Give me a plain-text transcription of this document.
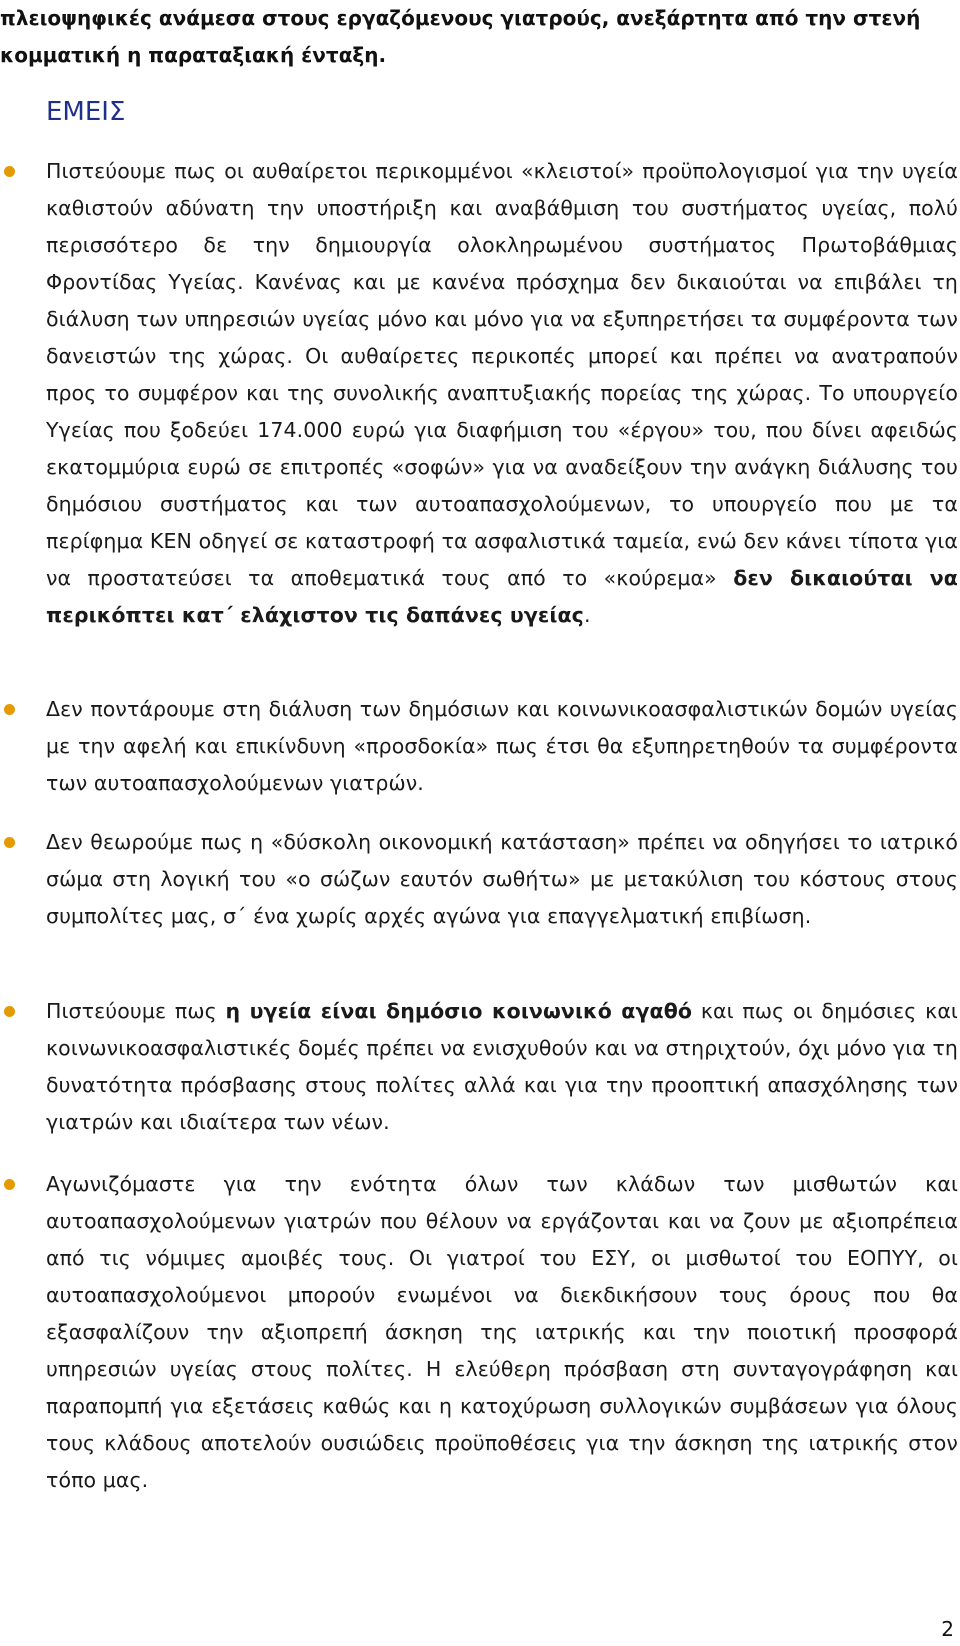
πλειοψηφικές ανάμεσα στους εργαζόμενους γιατρούς, ανεξάρτητα από την στενή κομματική η παραταξιακή ένταξη.

ΕΜΕΙΣ

Πιστεύουμε πως οι αυθαίρετοι περικομμένοι «κλειστοί» προϋπολογισμοί για την υγεία καθιστούν αδύνατη την υποστήριξη και αναβάθμιση του συστήματος υγείας, πολύ περισσότερο δε την δημιουργία ολοκληρωμένου συστήματος Πρωτοβάθμιας Φροντίδας Υγείας. Κανένας και με κανένα πρόσχημα δεν δικαιούται να επιβάλει τη διάλυση των υπηρεσιών υγείας μόνο και μόνο για να εξυπηρετήσει τα συμφέροντα των δανειστών της χώρας. Οι αυθαίρετες περικοπές μπορεί και πρέπει να ανατραπούν προς το συμφέρον και της συνολικής αναπτυξιακής πορείας της χώρας. Το υπουργείο Υγείας που ξοδεύει 174.000 ευρώ για διαφήμιση του «έργου» του, που δίνει αφειδώς εκατομμύρια ευρώ σε επιτροπές «σοφών» για να αναδείξουν την ανάγκη διάλυσης του δημόσιου συστήματος και των αυτοαπασχολούμενων, το υπουργείο που με τα περίφημα ΚΕΝ οδηγεί σε καταστροφή τα ασφαλιστικά ταμεία, ενώ δεν κάνει τίποτα για να προστατεύσει τα αποθεματικά τους από το «κούρεμα» δεν δικαιούται να περικόπτει κατ΄ ελάχιστον τις δαπάνες υγείας.

Δεν ποντάρουμε στη διάλυση των δημόσιων και κοινωνικοασφαλιστικών δομών υγείας με την αφελή και επικίνδυνη «προσδοκία» πως έτσι θα εξυπηρετηθούν τα συμφέροντα των αυτοαπασχολούμενων γιατρών.

Δεν θεωρούμε πως η «δύσκολη οικονομική κατάσταση» πρέπει να οδηγήσει το ιατρικό σώμα στη λογική του «ο σώζων εαυτόν σωθήτω» με μετακύλιση του κόστους στους συμπολίτες μας, σ΄ ένα χωρίς αρχές αγώνα για επαγγελματική επιβίωση.

Πιστεύουμε πως η υγεία είναι δημόσιο κοινωνικό αγαθό και πως οι δημόσιες και κοινωνικοασφαλιστικές δομές πρέπει να ενισχυθούν και να στηριχτούν, όχι μόνο για τη δυνατότητα πρόσβασης στους πολίτες αλλά και για την προοπτική απασχόλησης των γιατρών και ιδιαίτερα των νέων.

Αγωνιζόμαστε για την ενότητα όλων των κλάδων των μισθωτών και αυτοαπασχολούμενων γιατρών που θέλουν να εργάζονται και να ζουν με αξιοπρέπεια από τις νόμιμες αμοιβές τους. Οι γιατροί του ΕΣΥ, οι μισθωτοί του ΕΟΠΥΥ, οι αυτοαπασχολούμενοι μπορούν ενωμένοι να διεκδικήσουν τους όρους που θα εξασφαλίζουν την αξιοπρεπή άσκηση της ιατρικής και την ποιοτική προσφορά υπηρεσιών υγείας στους πολίτες. Η ελεύθερη πρόσβαση στη συνταγογράφηση και παραπομπή για εξετάσεις καθώς και η κατοχύρωση συλλογικών συμβάσεων για όλους τους κλάδους αποτελούν ουσιώδεις προϋποθέσεις για την άσκηση της ιατρικής στον τόπο μας.

2
